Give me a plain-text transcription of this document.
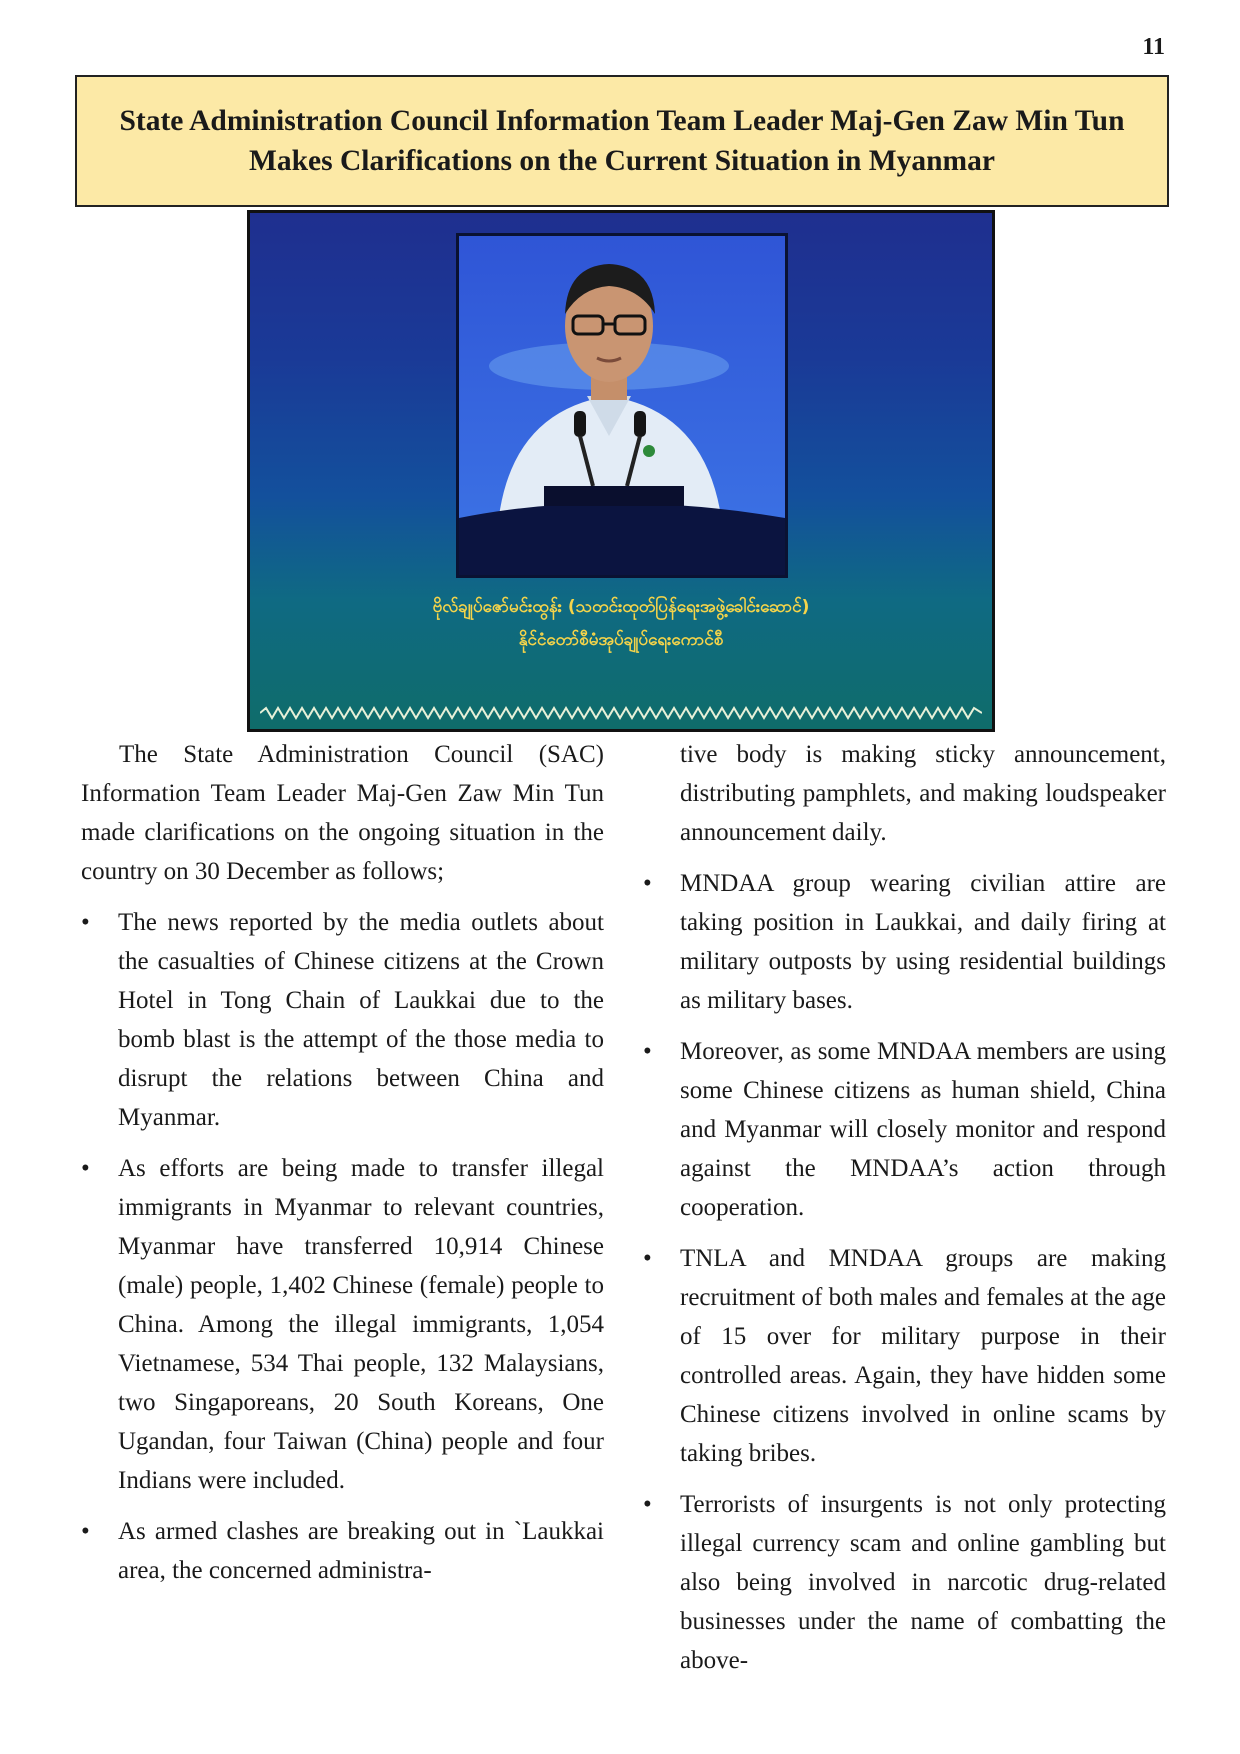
11
State Administration Council Information Team Leader Maj-Gen Zaw Min Tun
Makes Clarifications on the Current Situation in Myanmar
ဗိုလ်ချုပ်ဇော်မင်းထွန်း (သတင်းထုတ်ပြန်ရေးအဖွဲ့ခေါင်းဆောင်)
နိုင်ငံတော်စီမံအုပ်ချုပ်ရေးကောင်စီ

The State Administration Council (SAC) Information Team Leader Maj-Gen Zaw Min Tun made clarifications on the ongoing situation in the country on 30 December as follows;

• The news reported by the media outlets about the casualties of Chinese citizens at the Crown Hotel in Tong Chain of Laukkai due to the bomb blast is the attempt of the those media to disrupt the relations between China and Myanmar.
• As efforts are being made to transfer illegal immigrants in Myanmar to relevant countries, Myanmar have transferred 10,914 Chinese (male) people, 1,402 Chinese (female) people to China. Among the illegal immigrants, 1,054 Vietnamese, 534 Thai people, 132 Malaysians, two Singaporeans, 20 South Koreans, One Ugandan, four Taiwan (China) people and four Indians were included.
• As armed clashes are breaking out in `Laukkai area, the concerned administra-

tive body is making sticky announcement, distributing pamphlets, and making loudspeaker announcement daily.

• MNDAA group wearing civilian attire are taking position in Laukkai, and daily firing at military outposts by using residential buildings as military bases.
• Moreover, as some MNDAA members are using some Chinese citizens as human shield, China and Myanmar will closely monitor and respond against the MNDAA’s action through cooperation.
• TNLA and MNDAA groups are making recruitment of both males and females at the age of 15 over for military purpose in their controlled areas. Again, they have hidden some Chinese citizens involved in online scams by taking bribes.
• Terrorists of insurgents is not only protecting illegal currency scam and online gambling but also being involved in narcotic drug-related businesses under the name of combatting the above-
